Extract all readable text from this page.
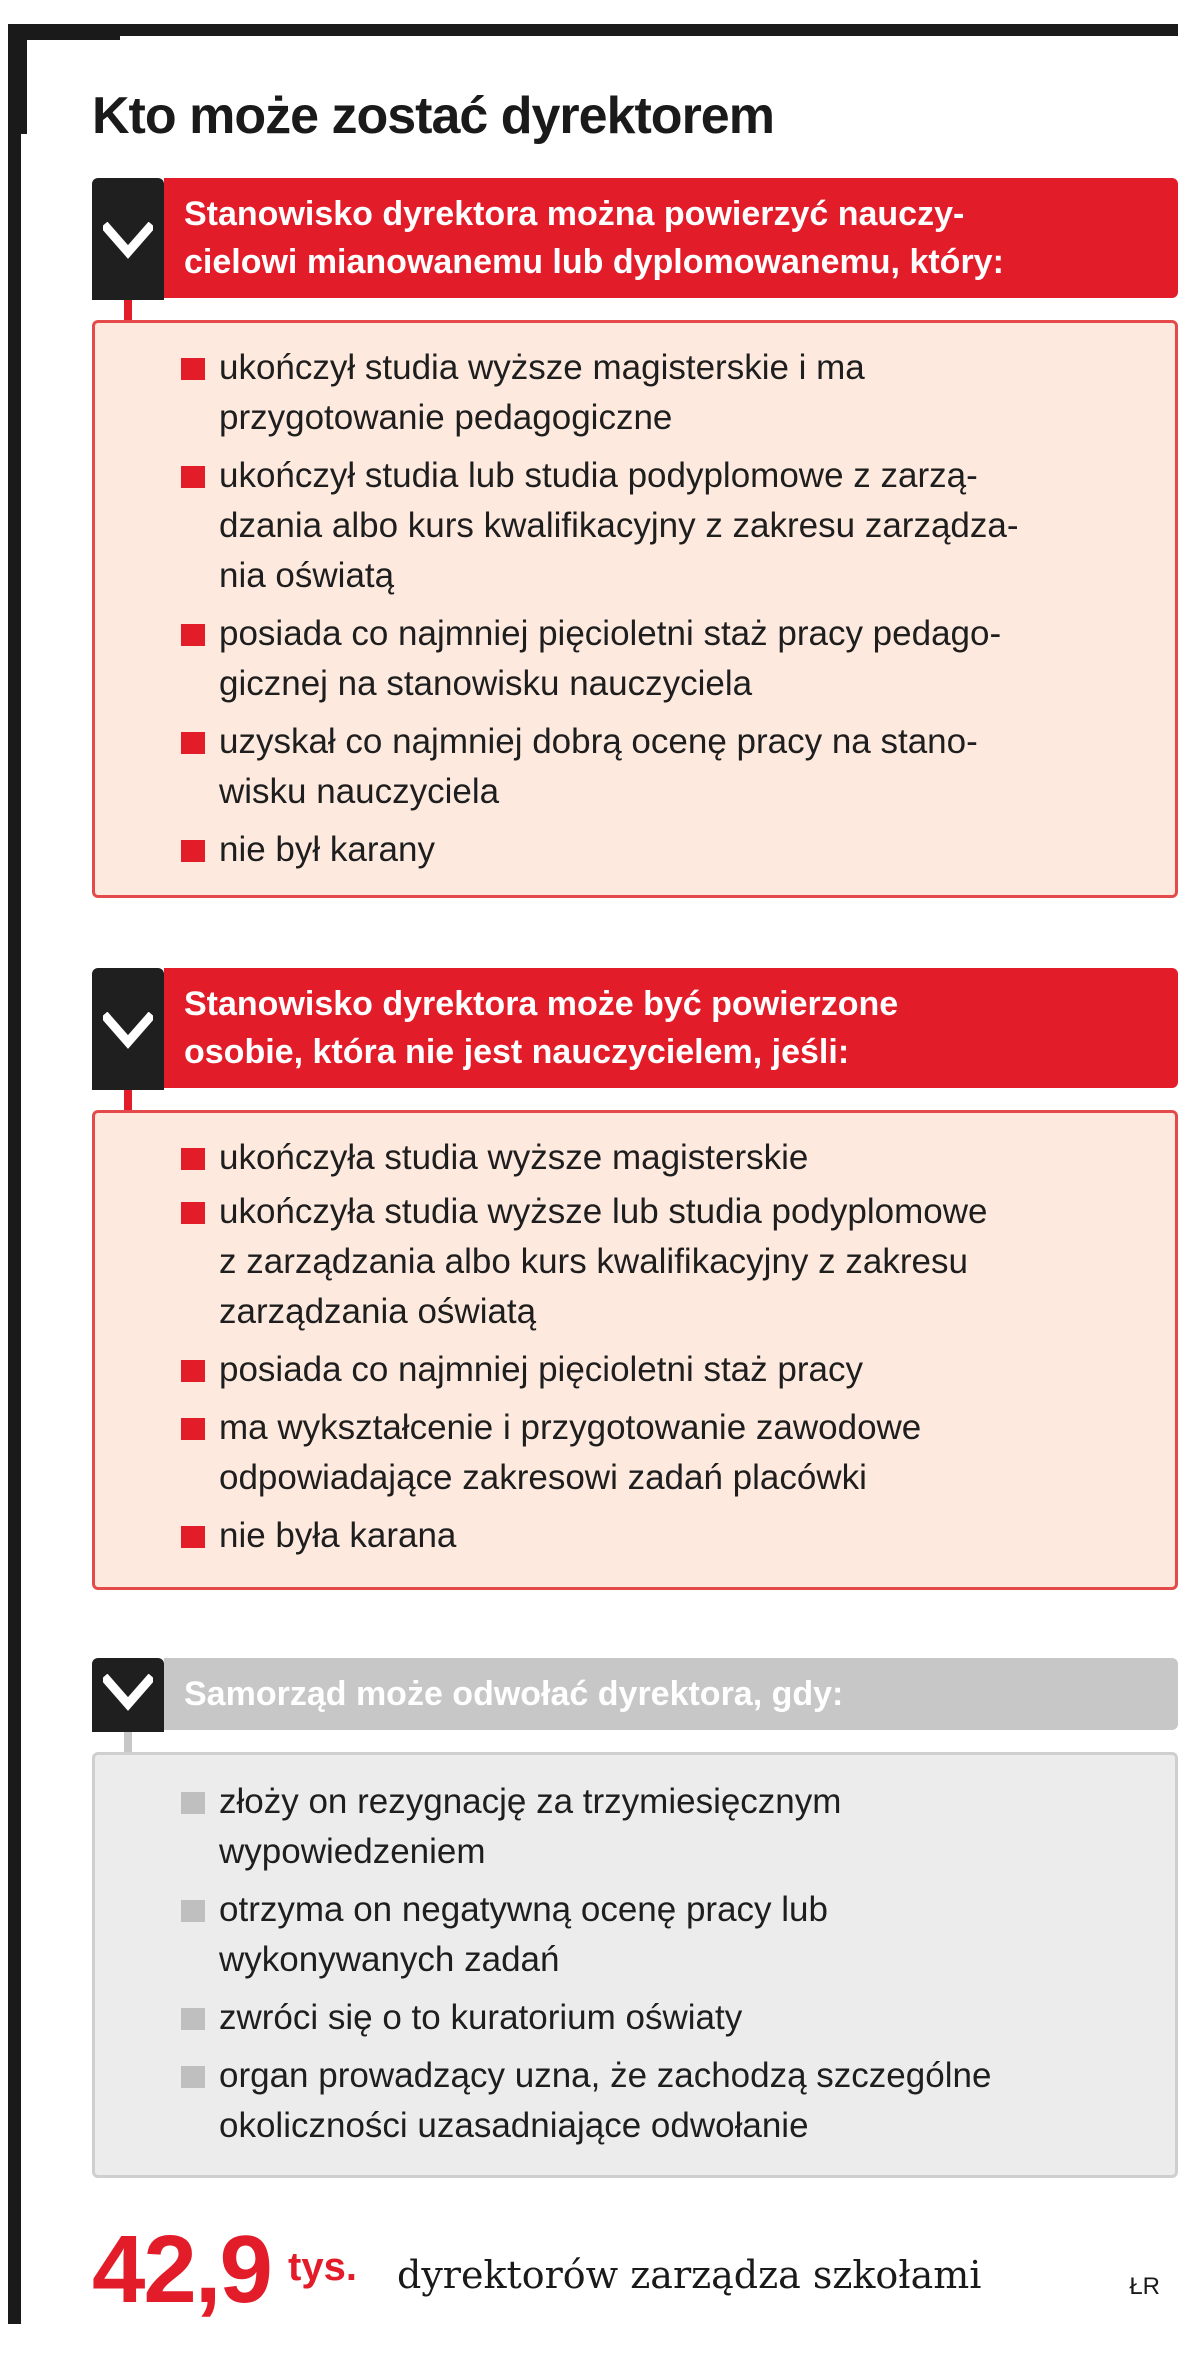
Kto może zostać dyrektorem
Stanowisko dyrektora można powierzyć nauczy-
cielowi mianowanemu lub dyplomowanemu, który:
ukończył studia wyższe magisterskie i ma
przygotowanie pedagogiczne
ukończył studia lub studia podyplomowe z zarzą-
dzania albo kurs kwalifikacyjny z zakresu zarządza-
nia oświatą
posiada co najmniej pięcioletni staż pracy pedago-
gicznej na stanowisku nauczyciela
uzyskał co najmniej dobrą ocenę pracy na stano-
wisku nauczyciela
nie był karany
Stanowisko dyrektora może być powierzone
osobie, która nie jest nauczycielem, jeśli:
ukończyła studia wyższe magisterskie
ukończyła studia wyższe lub studia podyplomowe
z zarządzania albo kurs kwalifikacyjny z zakresu
zarządzania oświatą
posiada co najmniej pięcioletni staż pracy
ma wykształcenie i przygotowanie zawodowe
odpowiadające zakresowi zadań placówki
nie była karana
Samorząd może odwołać dyrektora, gdy:
złoży on rezygnację za trzymiesięcznym
wypowiedzeniem
otrzyma on negatywną ocenę pracy lub
wykonywanych zadań
zwróci się o to kuratorium oświaty
organ prowadzący uzna, że zachodzą szczególne
okoliczności uzasadniające odwołanie
42,9 tys. dyrektorów zarządza szkołami	ŁR
